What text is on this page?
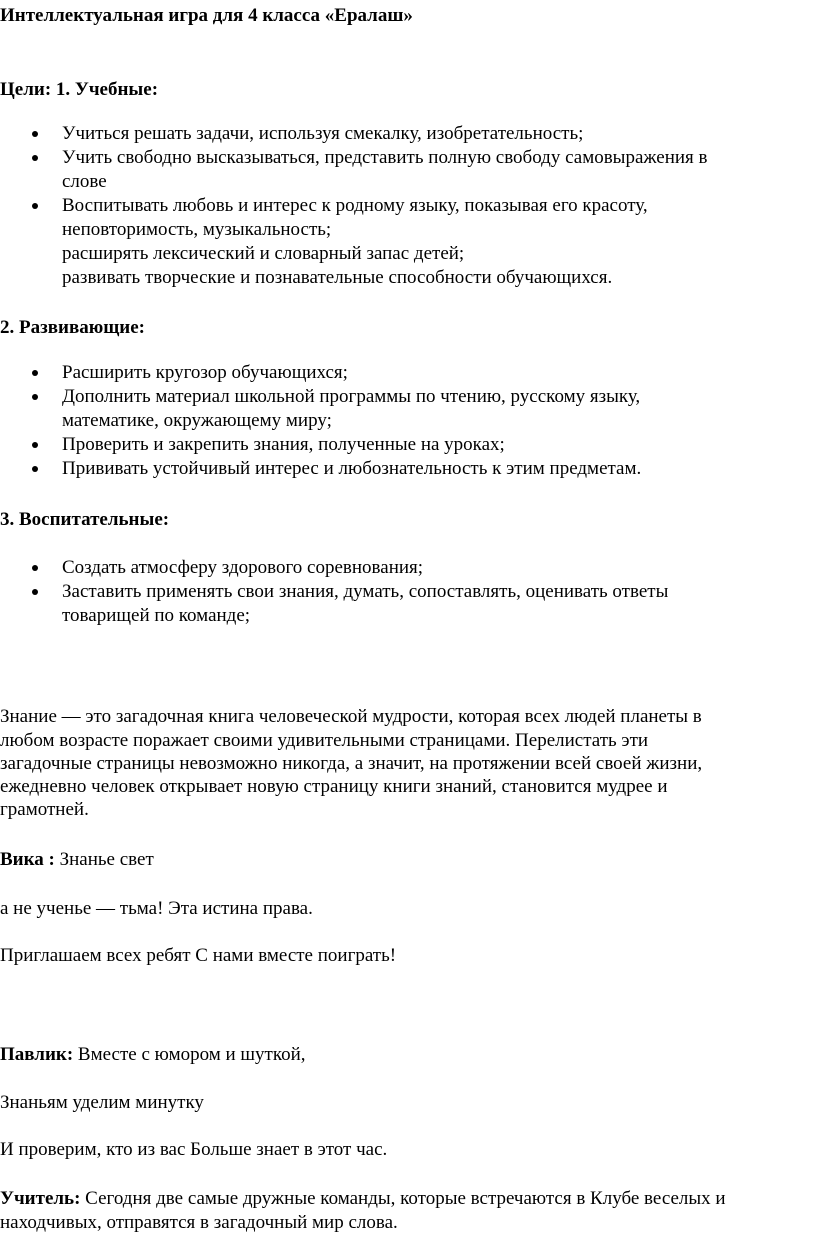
Интеллектуальная игра для 4 класса «Ералаш»
Цели: 1. Учебные:
Учиться решать задачи, используя смекалку, изобретательность;
Учить свободно высказываться, представить полную свободу самовыражения в
слове
Воспитывать любовь и интерес к родному языку, показывая его красоту,
неповторимость, музыкальность;
расширять лексический и словарный запас детей;
развивать творческие и познавательные способности обучающихся.
2. Развивающие:
Расширить кругозор обучающихся;
Дополнить материал школьной программы по чтению, русскому языку,
математике, окружающему миру;
Проверить и закрепить знания, полученные на уроках;
Прививать устойчивый интерес и любознательность к этим предметам.
3. Воспитательные:
Создать атмосферу здорового соревнования;
Заставить применять свои знания, думать, сопоставлять, оценивать ответы
товарищей по команде;
Знание — это загадочная книга человеческой мудрости, которая всех людей планеты в
любом возрасте поражает своими удивительными страницами. Перелистать эти
загадочные страницы невозможно никогда, а значит, на протяжении всей своей жизни,
ежедневно человек открывает новую страницу книги знаний, становится мудрее и
грамотней.
Вика : Знанье свет
а не ученье — тьма! Эта истина права.
Приглашаем всех ребят С нами вместе поиграть!
Павлик: Вместе с юмором и шуткой,
Знаньям уделим минутку
И проверим, кто из вас Больше знает в этот час.
Учитель: Сегодня две самые дружные команды, которые встречаются в Клубе веселых и
находчивых, отправятся в загадочный мир слова.
